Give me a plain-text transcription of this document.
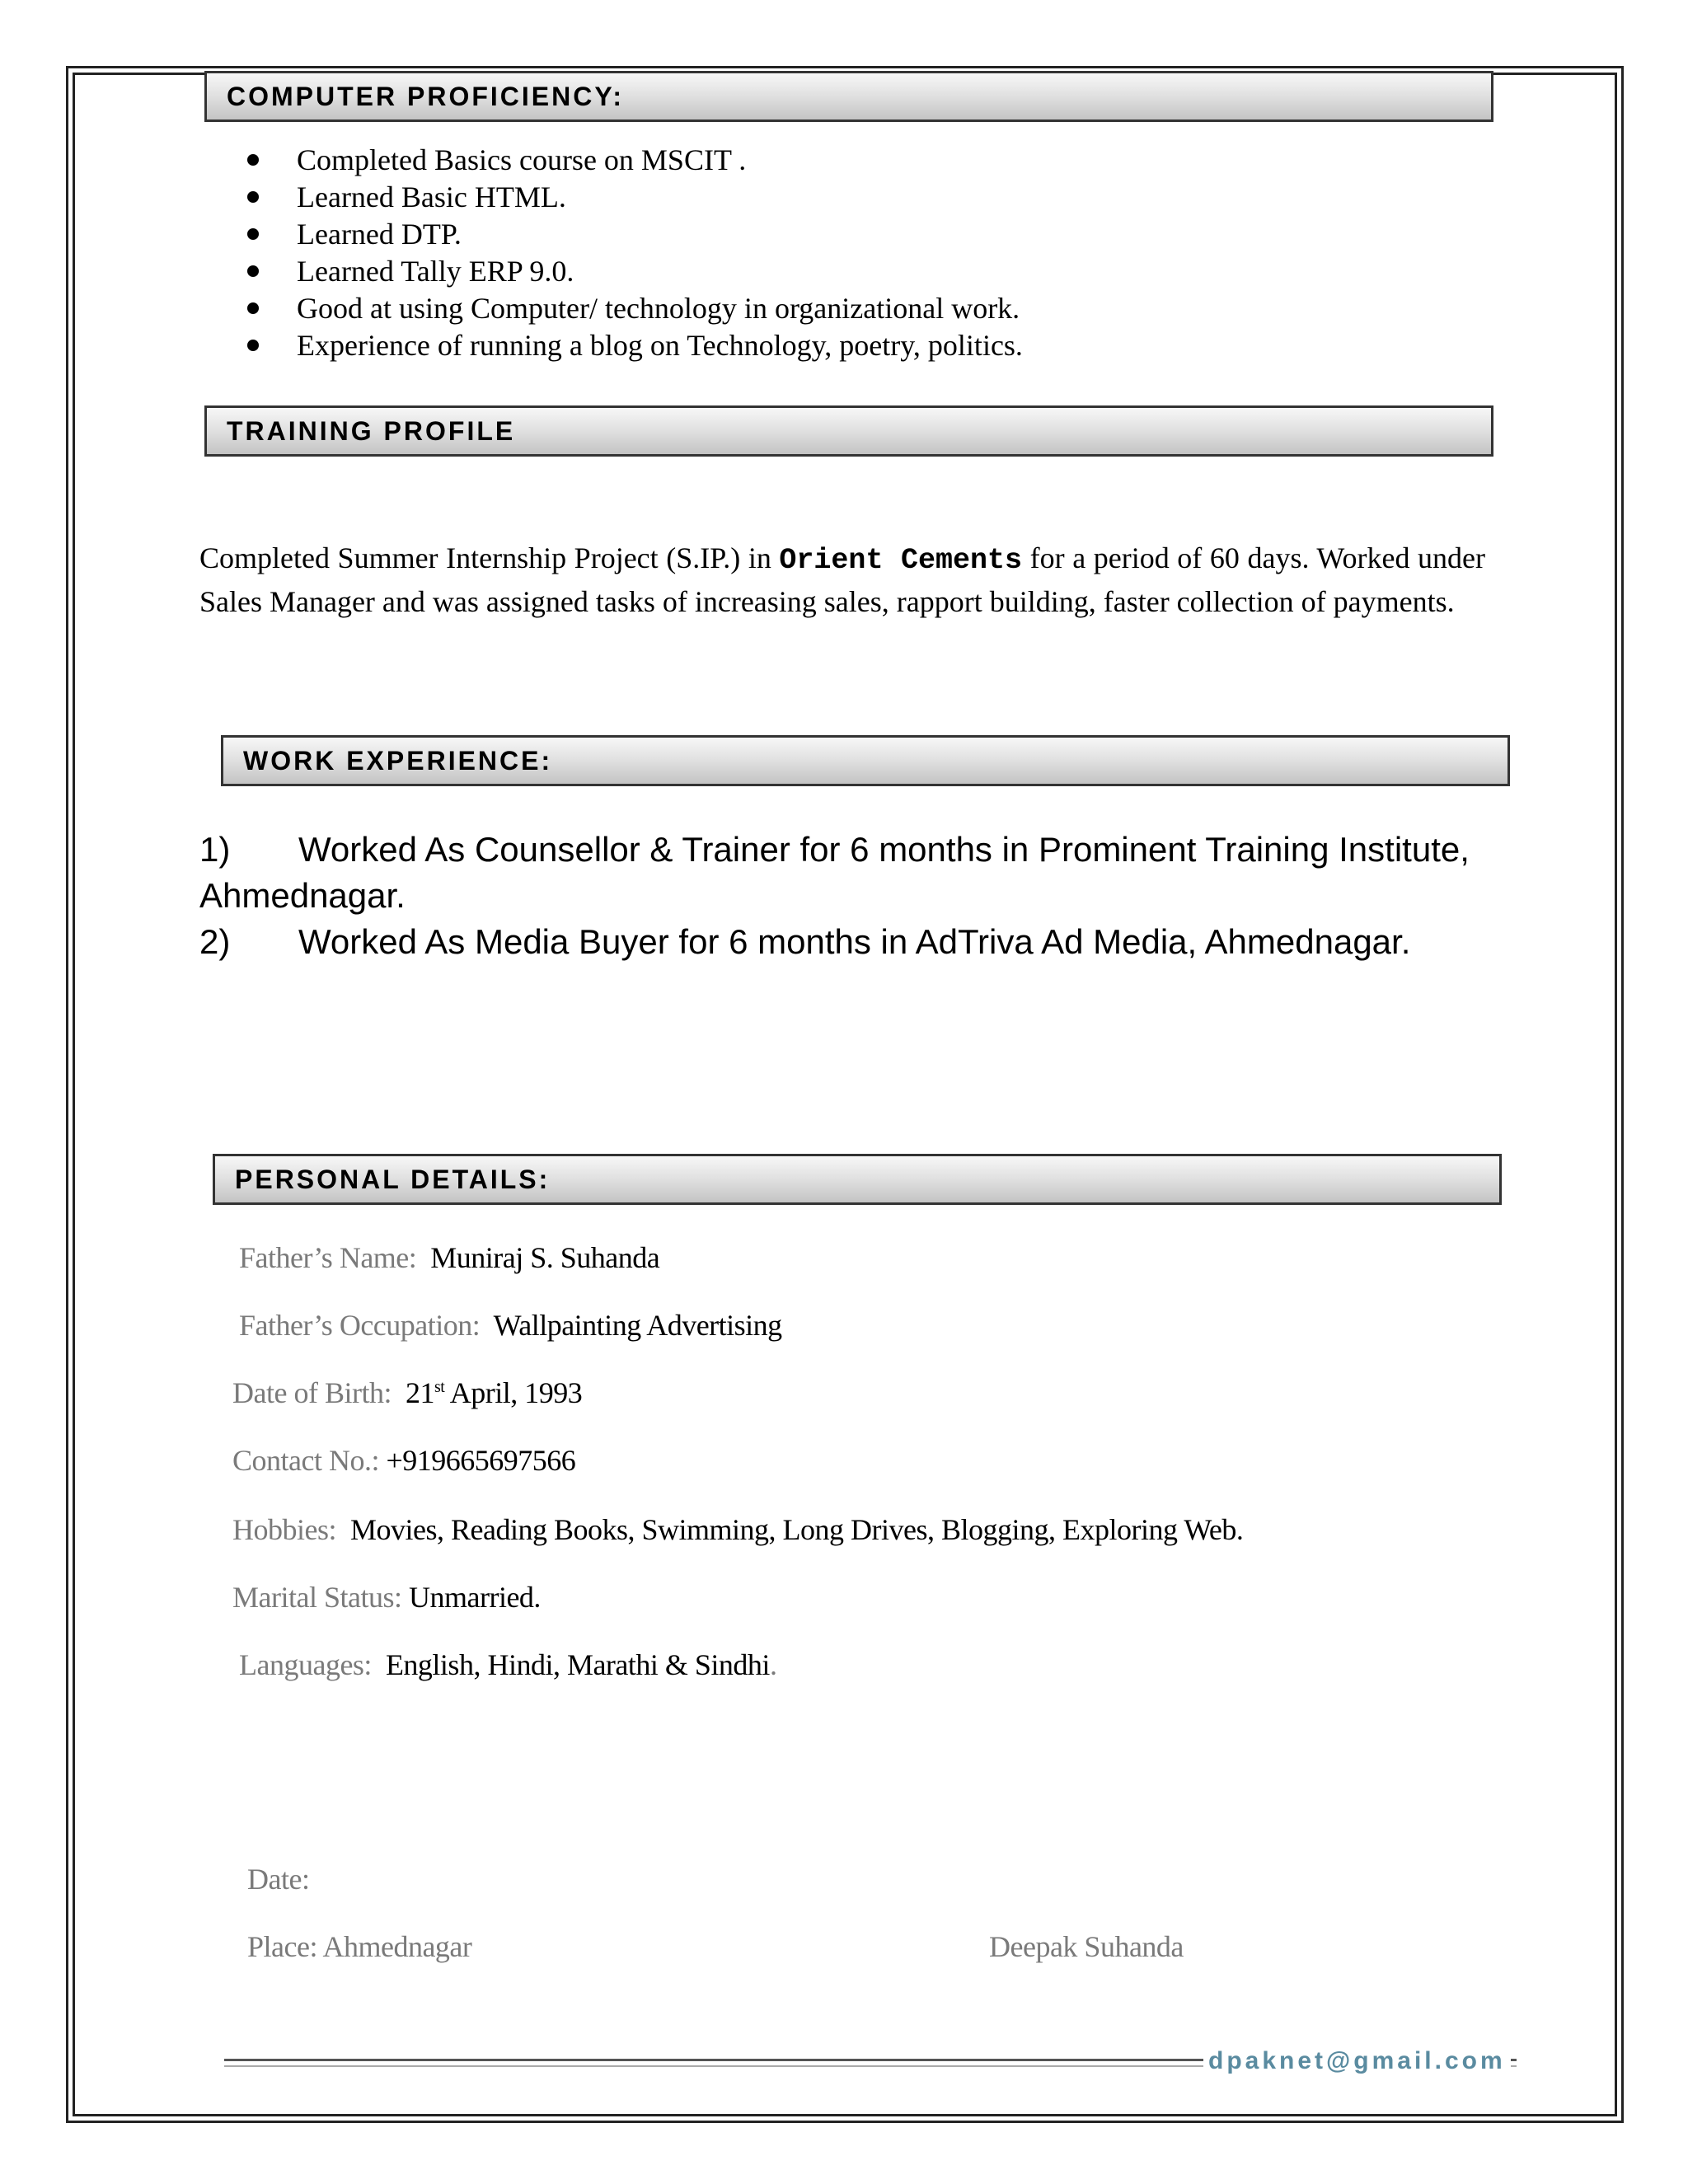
COMPUTER PROFICIENCY:
Completed Basics course on MSCIT .
Learned Basic HTML.
Learned DTP.
Learned Tally ERP 9.0.
Good at using Computer/ technology in organizational work.
Experience of running a blog on Technology, poetry, politics.
TRAINING PROFILE
Completed Summer Internship Project (S.IP.) in Orient Cements for a period of 60 days. Worked under Sales Manager and was assigned tasks of increasing sales, rapport building, faster collection of payments.
WORK EXPERIENCE:
1) Worked As Counsellor & Trainer for 6 months in Prominent Training Institute, Ahmednagar.
2) Worked As Media Buyer for 6 months in AdTriva Ad Media, Ahmednagar.
PERSONAL DETAILS:
Father’s Name: Muniraj S. Suhanda
Father’s Occupation: Wallpainting Advertising
Date of Birth: 21st April, 1993
Contact No.: +919665697566
Hobbies: Movies, Reading Books, Swimming, Long Drives, Blogging, Exploring Web.
Marital Status: Unmarried.
Languages: English, Hindi, Marathi & Sindhi.
Date:
Place: Ahmednagar	Deepak Suhanda
dpaknet@gmail.com
